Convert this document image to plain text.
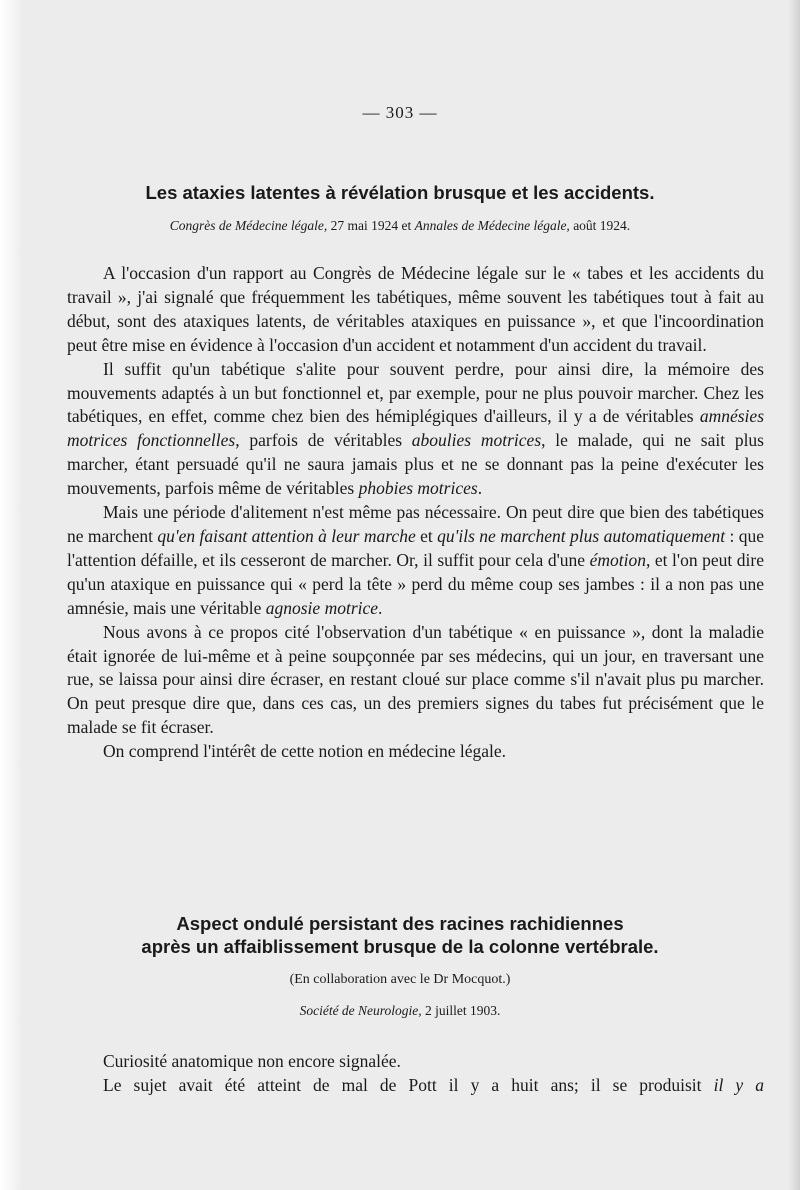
— 303 —
Les ataxies latentes à révélation brusque et les accidents.
Congrès de Médecine légale, 27 mai 1924 et Annales de Médecine légale, août 1924.

A l'occasion d'un rapport au Congrès de Médecine légale sur le « tabes et les accidents du travail », j'ai signalé que fréquemment les tabétiques, même souvent les tabétiques tout à fait au début, sont des ataxiques latents, de véritables ataxiques en puissance », et que l'incoordination peut être mise en évidence à l'occasion d'un accident et notamment d'un accident du travail.

Il suffit qu'un tabétique s'alite pour souvent perdre, pour ainsi dire, la mémoire des mouvements adaptés à un but fonctionnel et, par exemple, pour ne plus pouvoir marcher. Chez les tabétiques, en effet, comme chez bien des hémiplégiques d'ailleurs, il y a de véritables amnésies motrices fonctionnelles, parfois de véritables aboulies motrices, le malade, qui ne sait plus marcher, étant persuadé qu'il ne saura jamais plus et ne se donnant pas la peine d'exécuter les mouvements, parfois même de véritables phobies motrices.

Mais une période d'alitement n'est même pas nécessaire. On peut dire que bien des tabétiques ne marchent qu'en faisant attention à leur marche et qu'ils ne marchent plus automatiquement : que l'attention défaille, et ils cesseront de marcher. Or, il suffit pour cela d'une émotion, et l'on peut dire qu'un ataxique en puissance qui « perd la tête » perd du même coup ses jambes : il a non pas une amnésie, mais une véritable agnosie motrice.

Nous avons à ce propos cité l'observation d'un tabétique « en puissance », dont la maladie était ignorée de lui-même et à peine soupçonnée par ses médecins, qui un jour, en traversant une rue, se laissa pour ainsi dire écraser, en restant cloué sur place comme s'il n'avait plus pu marcher. On peut presque dire que, dans ces cas, un des premiers signes du tabes fut précisément que le malade se fit écraser.

On comprend l'intérêt de cette notion en médecine légale.

Aspect ondulé persistant des racines rachidiennes
après un affaiblissement brusque de la colonne vertébrale.
(En collaboration avec le Dr Mocquot.)
Société de Neurologie, 2 juillet 1903.

Curiosité anatomique non encore signalée.

Le sujet avait été atteint de mal de Pott il y a huit ans; il se produisit il y a
